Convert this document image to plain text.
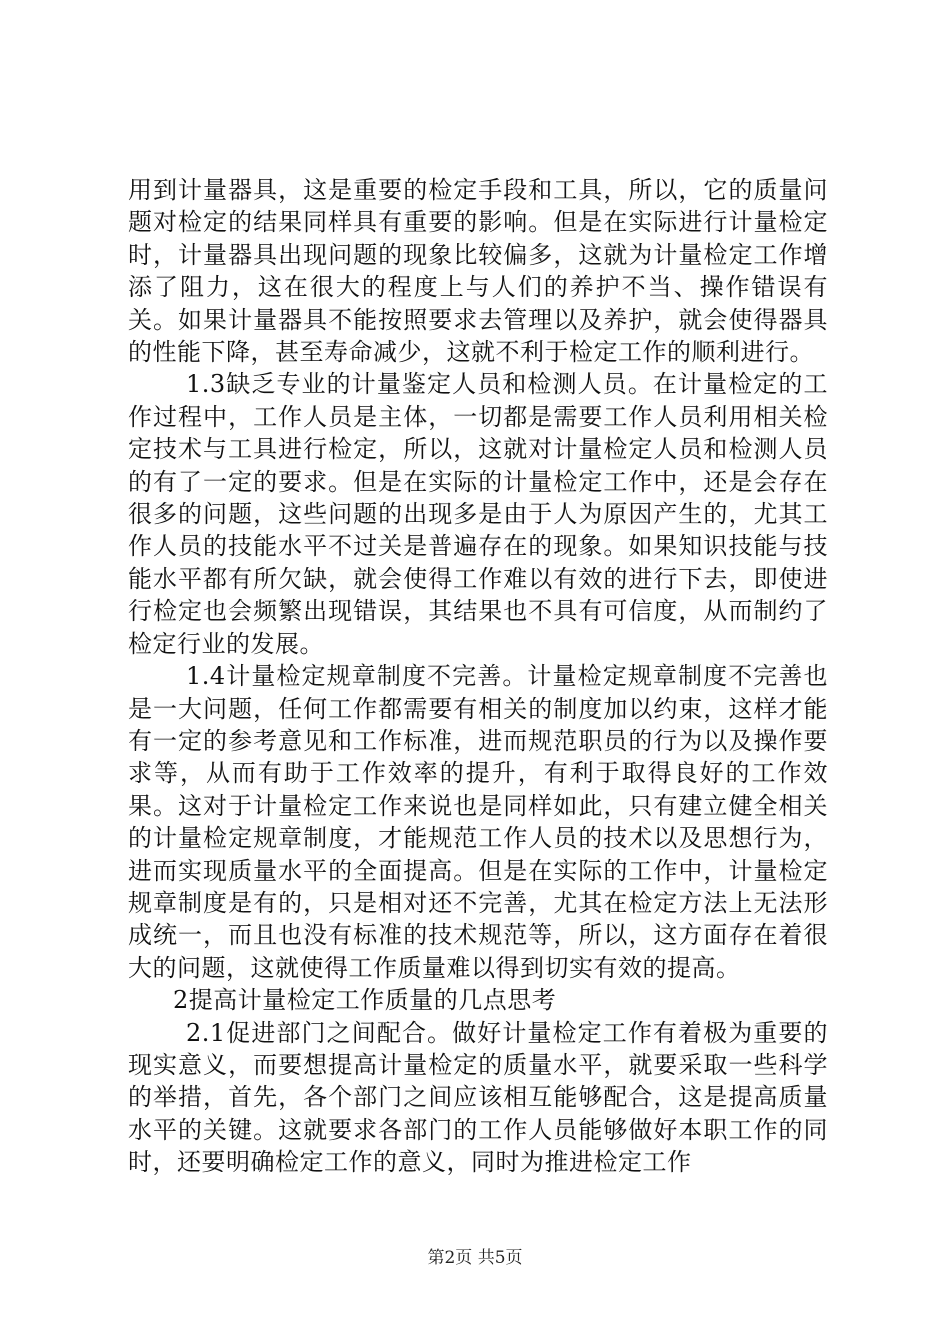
用到计量器具，这是重要的检定手段和工具，所以，它的质量问题对检定的结果同样具有重要的影响。但是在实际进行计量检定时，计量器具出现问题的现象比较偏多，这就为计量检定工作增添了阻力，这在很大的程度上与人们的养护不当、操作错误有关。如果计量器具不能按照要求去管理以及养护，就会使得器具的性能下降，甚至寿命减少，这就不利于检定工作的顺利进行。

1.3缺乏专业的计量鉴定人员和检测人员。在计量检定的工作过程中，工作人员是主体，一切都是需要工作人员利用相关检定技术与工具进行检定，所以，这就对计量检定人员和检测人员的有了一定的要求。但是在实际的计量检定工作中，还是会存在很多的问题，这些问题的出现多是由于人为原因产生的，尤其工作人员的技能水平不过关是普遍存在的现象。如果知识技能与技能水平都有所欠缺，就会使得工作难以有效的进行下去，即使进行检定也会频繁出现错误，其结果也不具有可信度，从而制约了检定行业的发展。

1.4计量检定规章制度不完善。计量检定规章制度不完善也是一大问题，任何工作都需要有相关的制度加以约束，这样才能有一定的参考意见和工作标准，进而规范职员的行为以及操作要求等，从而有助于工作效率的提升，有利于取得良好的工作效果。这对于计量检定工作来说也是同样如此，只有建立健全相关的计量检定规章制度，才能规范工作人员的技术以及思想行为，进而实现质量水平的全面提高。但是在实际的工作中，计量检定规章制度是有的，只是相对还不完善，尤其在检定方法上无法形成统一，而且也没有标准的技术规范等，所以，这方面存在着很大的问题，这就使得工作质量难以得到切实有效的提高。

2提高计量检定工作质量的几点思考

2.1促进部门之间配合。做好计量检定工作有着极为重要的现实意义，而要想提高计量检定的质量水平，就要采取一些科学的举措，首先，各个部门之间应该相互能够配合，这是提高质量水平的关键。这就要求各部门的工作人员能够做好本职工作的同时，还要明确检定工作的意义，同时为推进检定工作

第2页 共5页
